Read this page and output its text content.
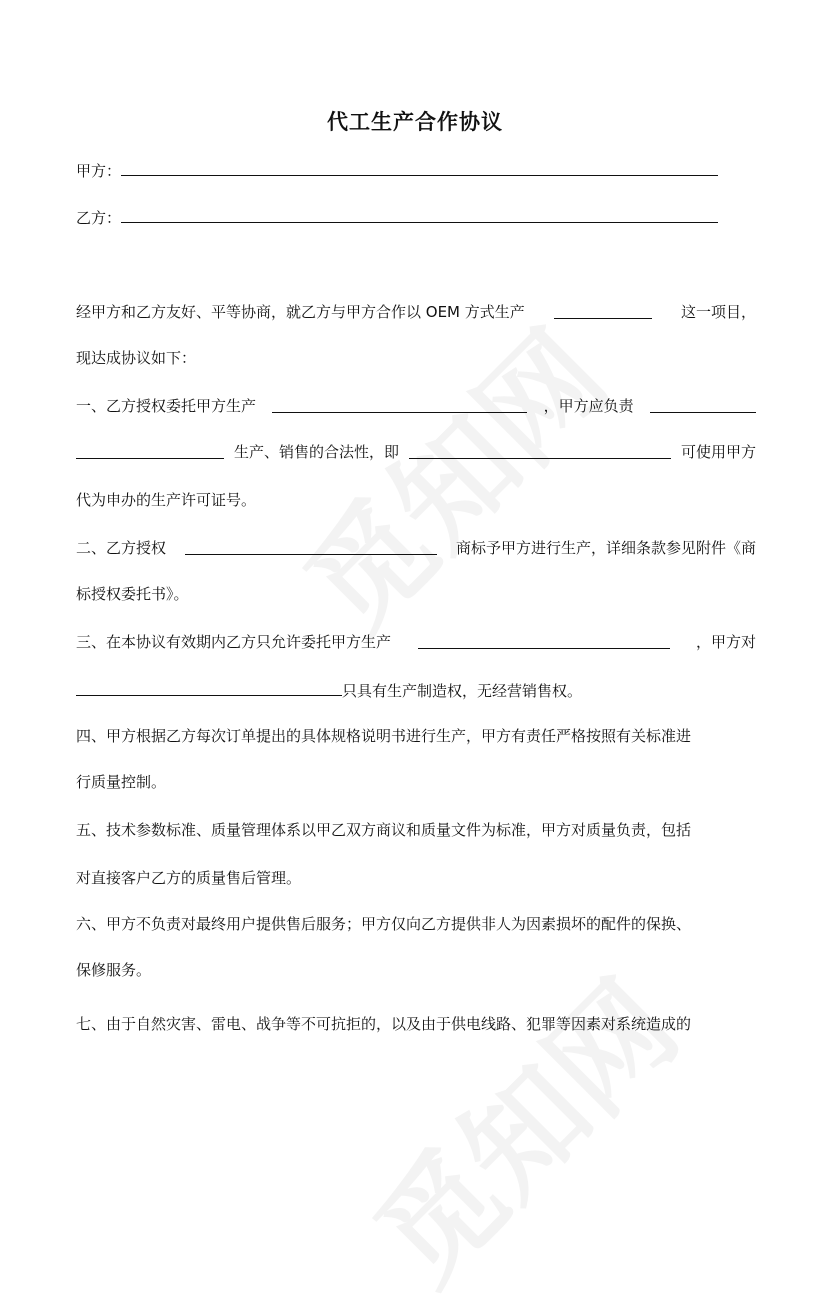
代工生产合作协议
甲方：
乙方：
经甲方和乙方友好、平等协商，就乙方与甲方合作以 OEM 方式生产	这一项目，
现达成协议如下：
一、乙方授权委托甲方生产	，甲方应负责
生产、销售的合法性，即	可使用甲方
代为申办的生产许可证号。
二、乙方授权	商标予甲方进行生产，详细条款参见附件《商
标授权委托书》。
三、在本协议有效期内乙方只允许委托甲方生产	，甲方对
只具有生产制造权，无经营销售权。
四、甲方根据乙方每次订单提出的具体规格说明书进行生产，甲方有责任严格按照有关标准进
行质量控制。
五、技术参数标准、质量管理体系以甲乙双方商议和质量文件为标准，甲方对质量负责，包括
对直接客户乙方的质量售后管理。
六、甲方不负责对最终用户提供售后服务；甲方仅向乙方提供非人为因素损坏的配件的保换、
保修服务。
七、由于自然灾害、雷电、战争等不可抗拒的，以及由于供电线路、犯罪等因素对系统造成的
